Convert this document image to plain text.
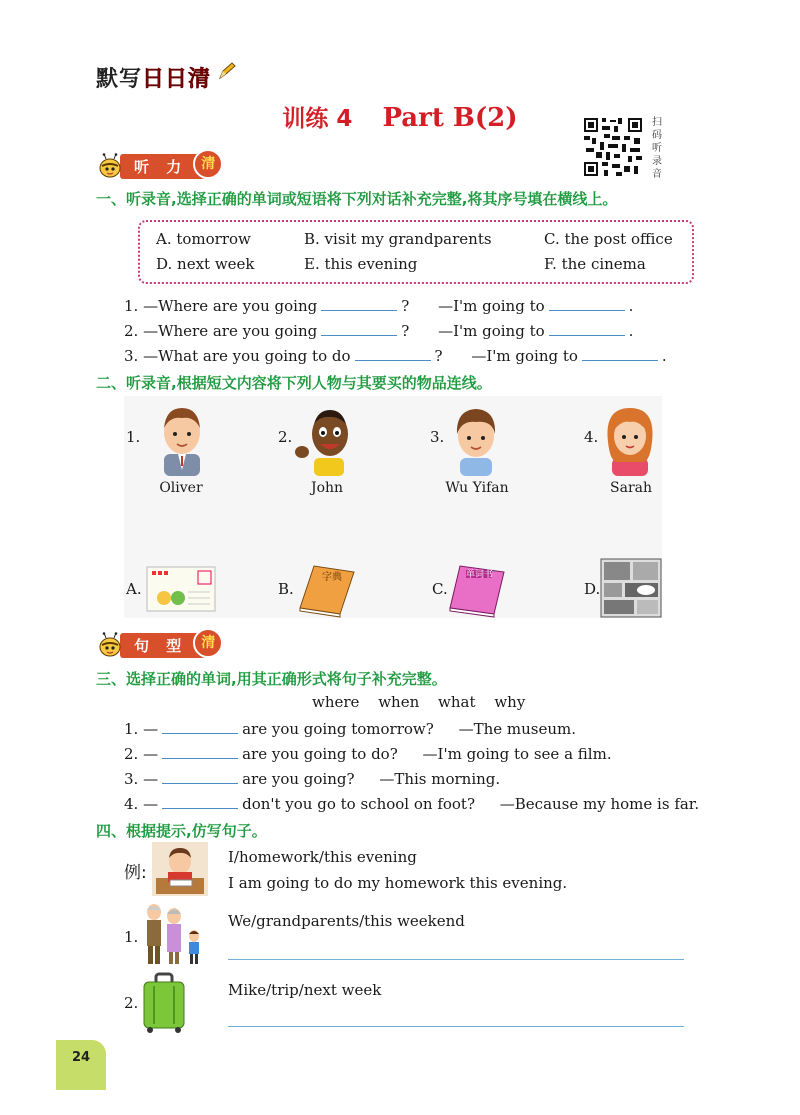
默写日日清
训练 4 Part B(2)	扫
码
听
录
音
听 力	清
一、听录音,选择正确的单词或短语将下列对话补充完整,将其序号填在横线上。
A. tomorrow	B. visit my grandparents	C. the post office
D. next week	E. this evening	F. the cinema
1. —Where are you going	? —I'm going to	.
2. —Where are you going	? —I'm going to	.
3. —What are you going to do	? —I'm going to	.
二、听录音,根据短文内容将下列人物与其要买的物品连线。
1.
Oliver
2.
John
3.
Wu Yifan
4.
Sarah
A.	B.
字典
C.
单词书
D.
句 型	清
三、选择正确的单词,用其正确形式将句子补充完整。
where when what why
1. —	are you going tomorrow? —The museum.
2. —	are you going to do? —I'm going to see a film.
3. —	are you going? —This morning.
4. —	don't you go to school on foot? —Because my home is far.
四、根据提示,仿写句子。
例:
I/homework/this evening
I am going to do my homework this evening.
1.
We/grandparents/this weekend
2.
Mike/trip/next week
24
